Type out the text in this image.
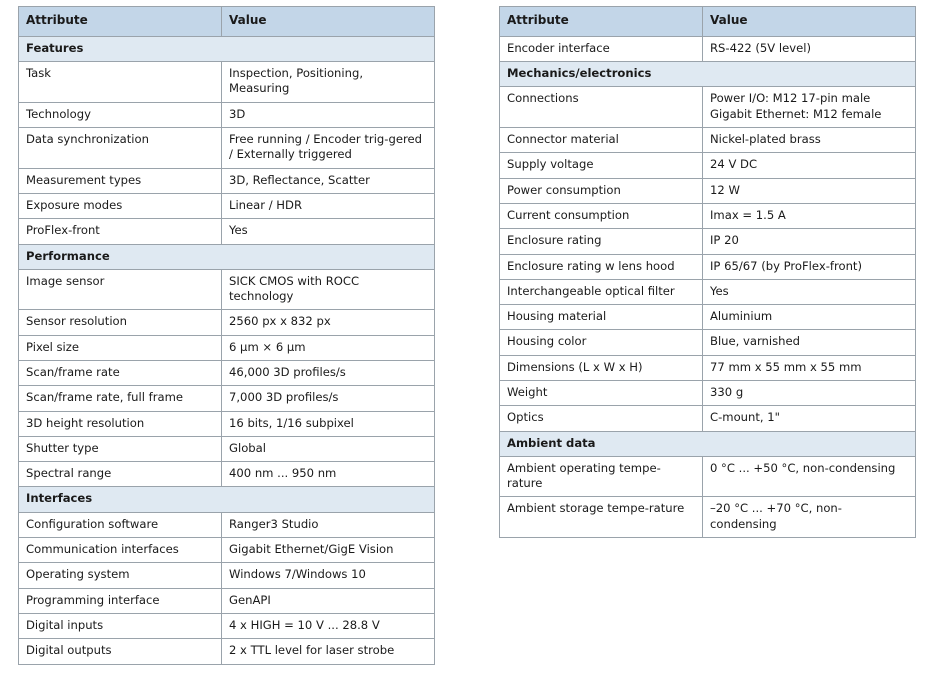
Attribute	Value
Features	
Task	Inspection, Positioning, Measuring
Technology	3D
Data synchronization	Free running / Encoder trig-gered / Externally triggered
Measurement types	3D, Reflectance, Scatter
Exposure modes	Linear / HDR
ProFlex-front	Yes
Performance	
Image sensor	SICK CMOS with ROCC technology
Sensor resolution	2560 px x 832 px
Pixel size	6 µm × 6 µm
Scan/frame rate	46,000 3D profiles/s
Scan/frame rate, full frame	7,000 3D profiles/s
3D height resolution	16 bits, 1/16 subpixel
Shutter type	Global
Spectral range	400 nm ... 950 nm
Interfaces	
Configuration software	Ranger3 Studio
Communication interfaces	Gigabit Ethernet/GigE Vision
Operating system	Windows 7/Windows 10
Programming interface	GenAPI
Digital inputs	4 x HIGH = 10 V ... 28.8 V
Digital outputs	2 x TTL level for laser strobe
Attribute	Value
Encoder interface	RS-422 (5V level)
Mechanics/electronics	
Connections	Power I/O: M12 17-pin male Gigabit Ethernet: M12 female
Connector material	Nickel-plated brass
Supply voltage	24 V DC
Power consumption	12 W
Current consumption	Imax = 1.5 A
Enclosure rating	IP 20
Enclosure rating w lens hood	IP 65/67 (by ProFlex-front)
Interchangeable optical filter	Yes
Housing material	Aluminium
Housing color	Blue, varnished
Dimensions (L x W x H)	77 mm x 55 mm x 55 mm
Weight	330 g
Optics	C-mount, 1"
Ambient data	
Ambient operating tempe-rature	0 °C ... +50 °C, non-condensing
Ambient storage tempe-rature	–20 °C ... +70 °C, non-condensing
